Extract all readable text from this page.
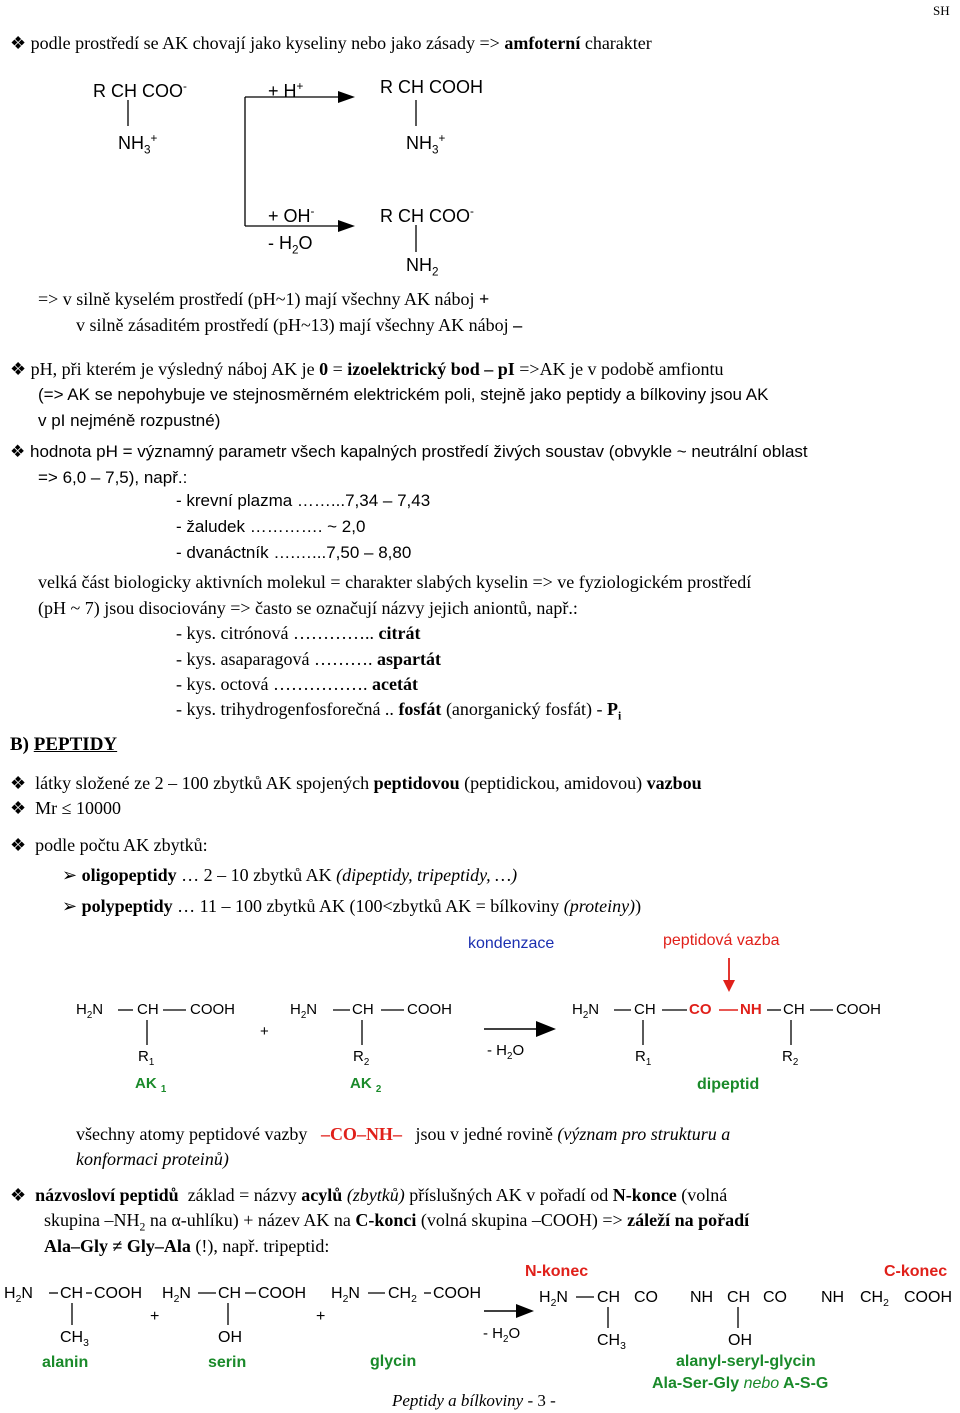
SH
❖ podle prostředí se AK chovají jako kyseliny nebo jako zásady => amfoterní charakter
R CH COO-
$NH_3^+$
+ H+	R CH COOH
$NH_3^+$
+ OH-
- $H_2O$
R CH COO-
$NH_2$
=> v silně kyselém prostředí (pH~1) mají všechny AK náboj +
v silně zásaditém prostředí (pH~13) mají všechny AK náboj –
❖ pH, při kterém je výsledný náboj AK je 0 = izoelektrický bod – pI =>AK je v podobě amfiontu
(=> AK se nepohybuje ve stejnosměrném elektrickém poli, stejně jako peptidy a bílkoviny jsou AK
v pI nejméně rozpustné)
❖ hodnota pH = významný parametr všech kapalných prostředí živých soustav (obvykle ~ neutrální oblast
=> 6,0 – 7,5), např.:
- krevní plazma ……...7,34 – 7,43
- žaludek …………. ~ 2,0
- dvanáctník ….…...7,50 – 8,80
velká část biologicky aktivních molekul = charakter slabých kyselin => ve fyziologickém prostředí
(pH ~ 7) jsou disociovány => často se označují názvy jejich aniontů, např.:
- kys. citrónová ………….. citrát
- kys. asaparagová ………. aspartát
- kys. octová ……………. acetát
- kys. trihydrogenfosforečná .. fosfát (anorganický fosfát) - $P_i$
B) PEPTIDY
❖ látky složené ze 2 – 100 zbytků AK spojených peptidovou (peptidickou, amidovou) vazbou
❖ Mr ≤ 10000
❖ podle počtu AK zbytků:
➢ oligopeptidy … 2 – 10 zbytků AK (dipeptidy, tripeptidy, …)
➢ polypeptidy … 11 – 100 zbytků AK (100<zbytků AK = bílkoviny (proteiny))
kondenzace	peptidová vazba
$H_2N$ CH COOH
$R_1$
+
$H_2N$ CH COOH
$R_2$
- $H_2O$
$H_2N$ CH CO NH CH COOH
$R_1$	$R_2$
AK $_1$	AK $_2$	dipeptid
všechny atomy peptidové vazby –CO–NH– jsou v jedné rovině (význam pro strukturu a
konformaci proteinů)
❖ názvosloví peptidů základ = názvy acylů (zbytků) příslušných AK v pořadí od N-konce (volná
skupina $-NH_2$ na α-uhlíku) + název AK na C-konci (volná skupina –COOH) => záleží na pořadí
Ala–Gly ≠ Gly–Ala (!), např. tripeptid:
N-konec	C-konec
$H_2N$ CH COOH
$CH_3$
alanin
+
$H_2N$ CH COOH
OH
serin
+
$H_2N$ $CH_2$ COOH
glycin
- $H_2O$
$H_2N$ CH CO NH CH CO NH $CH_2$ COOH
$CH_3$	OH
alanyl-seryl-glycin
Ala-Ser-Gly nebo A-S-G
Peptidy a bílkoviny - 3 -
